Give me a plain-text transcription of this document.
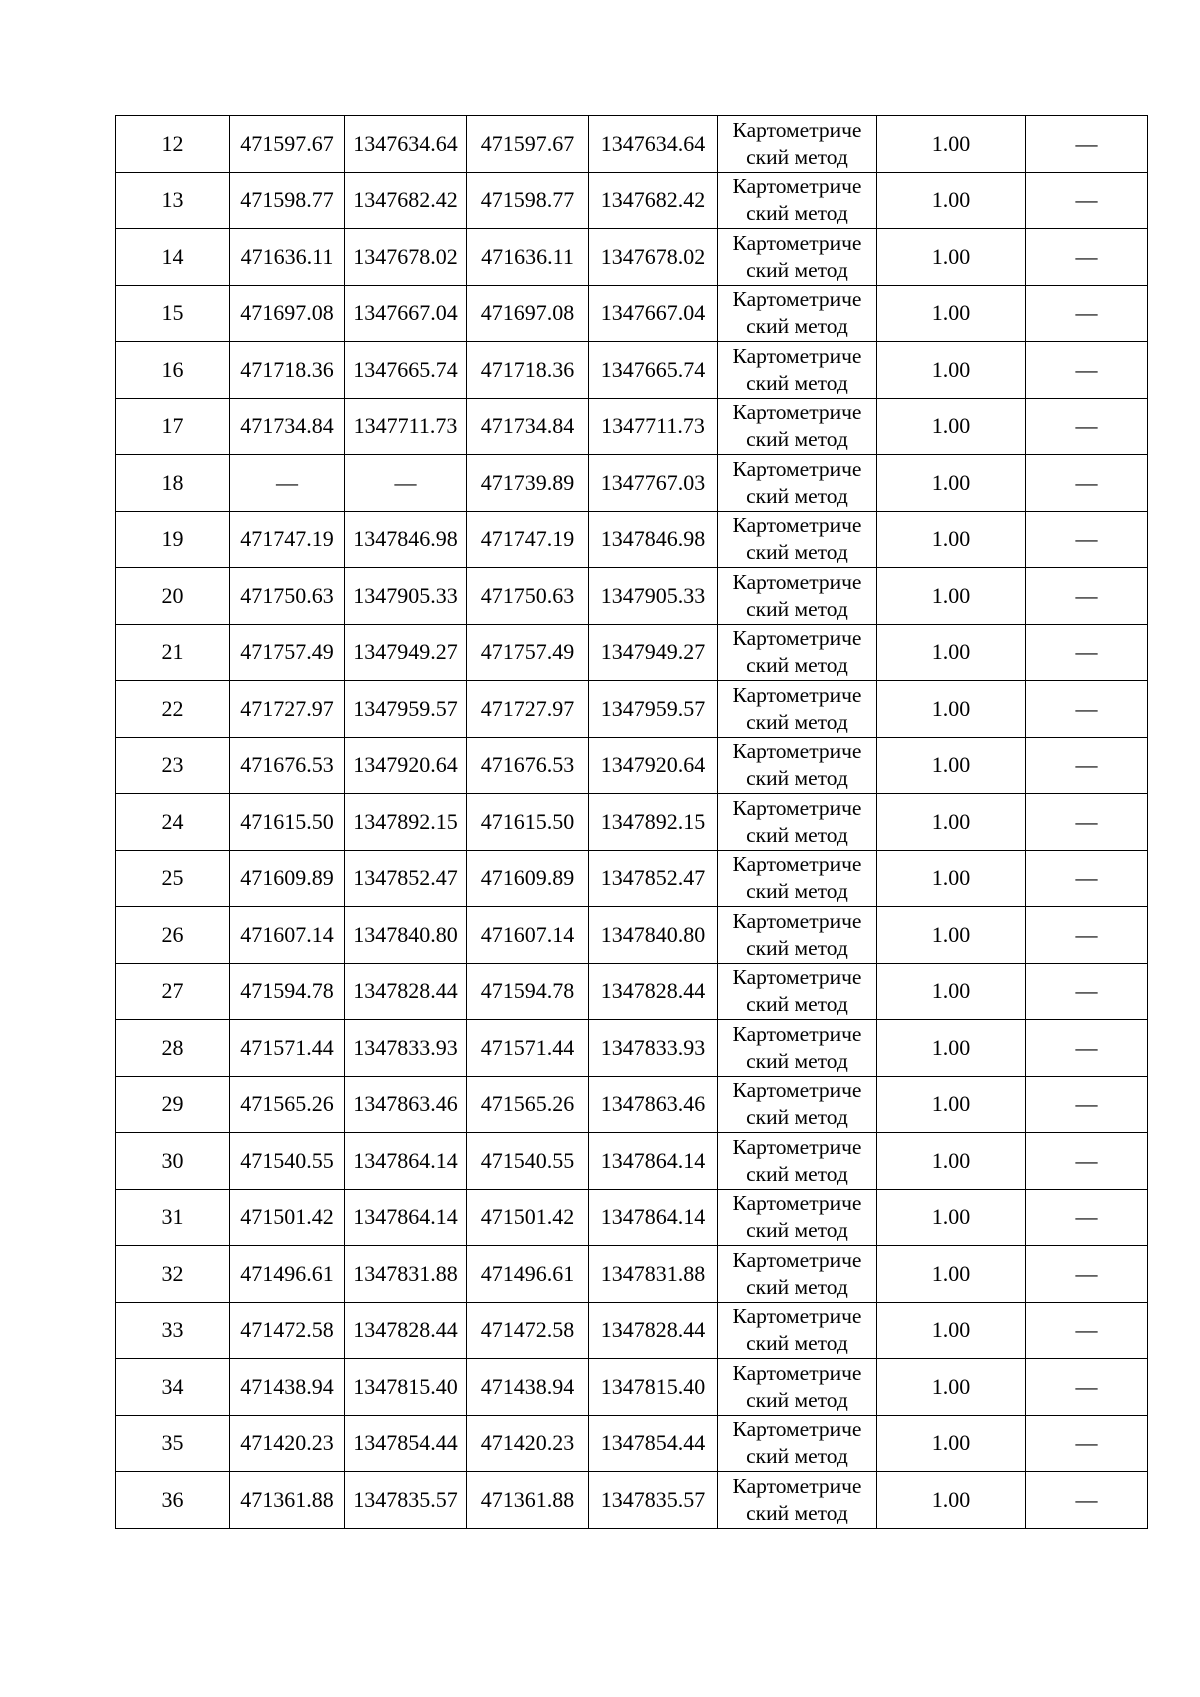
12	471597.67	1347634.64	471597.67	1347634.64	Картометриче
ский метод	1.00	—
13	471598.77	1347682.42	471598.77	1347682.42	Картометриче
ский метод	1.00	—
14	471636.11	1347678.02	471636.11	1347678.02	Картометриче
ский метод	1.00	—
15	471697.08	1347667.04	471697.08	1347667.04	Картометриче
ский метод	1.00	—
16	471718.36	1347665.74	471718.36	1347665.74	Картометриче
ский метод	1.00	—
17	471734.84	1347711.73	471734.84	1347711.73	Картометриче
ский метод	1.00	—
18	—	—	471739.89	1347767.03	Картометриче
ский метод	1.00	—
19	471747.19	1347846.98	471747.19	1347846.98	Картометриче
ский метод	1.00	—
20	471750.63	1347905.33	471750.63	1347905.33	Картометриче
ский метод	1.00	—
21	471757.49	1347949.27	471757.49	1347949.27	Картометриче
ский метод	1.00	—
22	471727.97	1347959.57	471727.97	1347959.57	Картометриче
ский метод	1.00	—
23	471676.53	1347920.64	471676.53	1347920.64	Картометриче
ский метод	1.00	—
24	471615.50	1347892.15	471615.50	1347892.15	Картометриче
ский метод	1.00	—
25	471609.89	1347852.47	471609.89	1347852.47	Картометриче
ский метод	1.00	—
26	471607.14	1347840.80	471607.14	1347840.80	Картометриче
ский метод	1.00	—
27	471594.78	1347828.44	471594.78	1347828.44	Картометриче
ский метод	1.00	—
28	471571.44	1347833.93	471571.44	1347833.93	Картометриче
ский метод	1.00	—
29	471565.26	1347863.46	471565.26	1347863.46	Картометриче
ский метод	1.00	—
30	471540.55	1347864.14	471540.55	1347864.14	Картометриче
ский метод	1.00	—
31	471501.42	1347864.14	471501.42	1347864.14	Картометриче
ский метод	1.00	—
32	471496.61	1347831.88	471496.61	1347831.88	Картометриче
ский метод	1.00	—
33	471472.58	1347828.44	471472.58	1347828.44	Картометриче
ский метод	1.00	—
34	471438.94	1347815.40	471438.94	1347815.40	Картометриче
ский метод	1.00	—
35	471420.23	1347854.44	471420.23	1347854.44	Картометриче
ский метод	1.00	—
36	471361.88	1347835.57	471361.88	1347835.57	Картометриче
ский метод	1.00	—
